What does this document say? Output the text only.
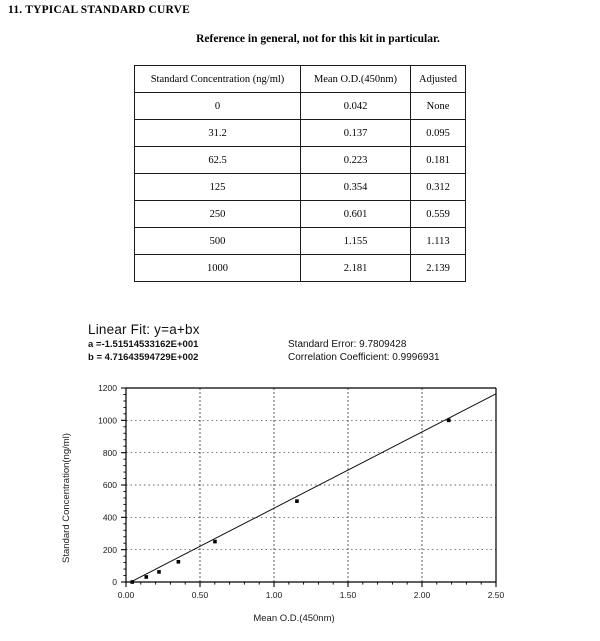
11. TYPICAL STANDARD CURVE
Reference in general, not for this kit in particular.
Standard Concentration (ng/ml)	Mean O.D.(450nm)	Adjusted
0	0.042	None
31.2	0.137	0.095
62.5	0.223	0.181
125	0.354	0.312
250	0.601	0.559
500	1.155	1.113
1000	2.181	2.139
Linear Fit: y=a+bx
a =-1.51514533162E+001
b = 4.71643594729E+002
Standard Error: 9.7809428
Correlation Coefficient: 0.9996931
0.00	0.50	1.00	1.50	2.00	2.50
0
200
400
600
800
1000
1200
Mean O.D.(450nm)
Standard Concentration(ng/ml)
